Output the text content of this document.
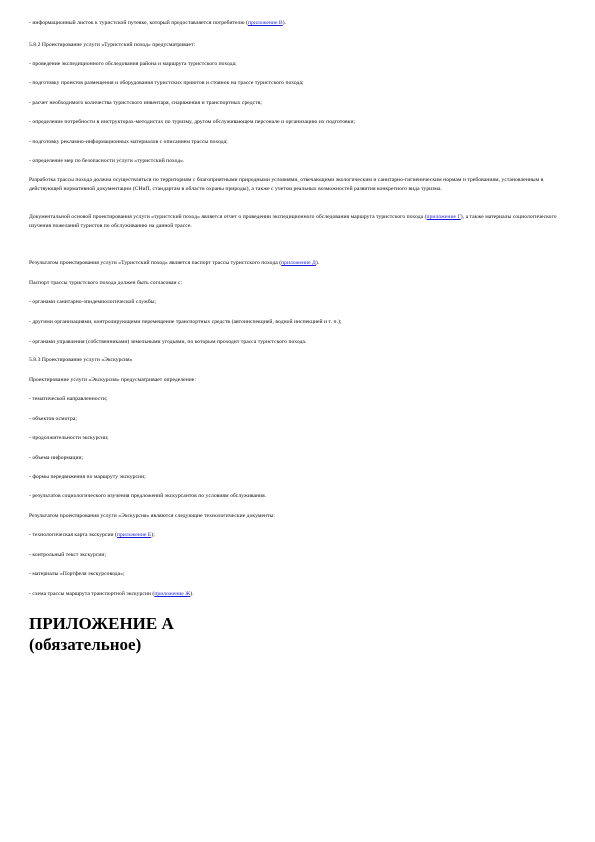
- информационный листок к туристской путевке, который предоставляется потребителю (приложение В).
5.8.2 Проектирование услуги «Туристский поход» предусматривает:
- проведение экспедиционного обследования района и маршрута туристского похода;
- подготовку проектов размещения и оборудования туристских приютов и стоянок на трассе туристского похода;
- расчет необходимого количества туристского инвентаря, снаряжения и транспортных средств;
- определение потребности в инструкторах-методистах по туризму, другом обслуживающем персонале и организацию их подготовки;
- подготовку рекламно-информационных материалов с описанием трассы похода;
- определение мер по безопасности услуги «туристский поход».
Разработка трассы похода должна осуществляться по территориям с благоприятными природными условиями, отвечающими экологическим и санитарно-гигиеническим нормам и требованиям, установленным в действующей нормативной документации (СНиП, стандартам в области охраны природы), а также с учетом реальных возможностей развития конкретного вида туризма.
Документальной основой проектирования услуги «туристский поход» является отчет о проведении экспедиционного обследования маршрута туристского похода (приложение Г), а также материалы социологического изучения пожеланий туристов по обслуживанию на данной трассе.
Результатом проектирования услуги «Туристский поход» является паспорт трассы туристского похода (приложение Д).
Паспорт трассы туристского похода должен быть согласован с:
- органами санитарно-эпидемиологической службы;
- другими организациями, контролирующими перемещение транспортных средств (автоинспекцией, водной инспекцией и т. п.);
- органами управления (собственниками) земельными угодьями, по которым проходит трасса туристского похода.
5.8.3 Проектирование услуги «Экскурсия»
Проектирование услуги «Экскурсия» предусматривает определение:
- тематической направленности;
- объектов осмотра;
- продолжительности экскурсии;
- объема информации;
- формы передвижения по маршруту экскурсии;
- результатов социологического изучения предложений экскурсантов по условиям обслуживания.
Результатом проектирования услуги «Экскурсия» являются следующие технологические документы:
- технологическая карта экскурсии (приложение Е);
- контрольный текст экскурсии;
- материалы «Портфеля экскурсовода»;
- схема трассы маршрута транспортной экскурсии (приложение Ж).
ПРИЛОЖЕНИЕ А
(обязательное)
